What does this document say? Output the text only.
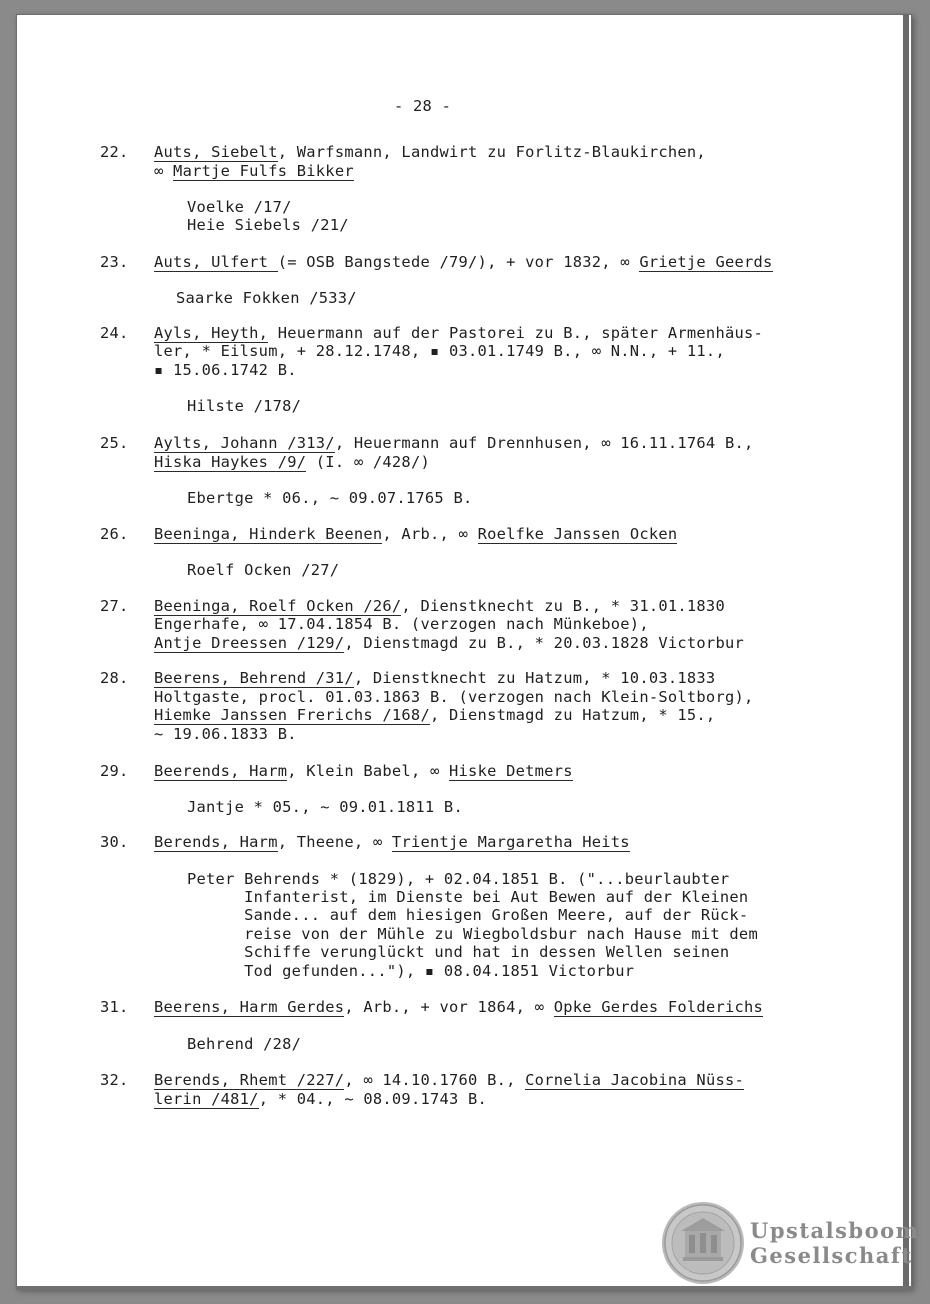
22. Auts, Siebelt, Warfsmann, Landwirt zu Forlitz-Blaukirchen,
∞ Martje Fulfs Bikker
Voelke /17/
Heie Siebels /21/
23. Auts, Ulfert (= OSB Bangstede /79/), + vor 1832, ∞ Grietje Geerds
Saarke Fokken /533/
24. Ayls, Heyth, Heuermann auf der Pastorei zu B., später Armenhäus-
ler, * Eilsum, + 28.12.1748, ▪ 03.01.1749 B., ∞ N.N., + 11.,
▪ 15.06.1742 B.
Hilste /178/
25. Aylts, Johann /313/, Heuermann auf Drennhusen, ∞ 16.11.1764 B.,
Hiska Haykes /9/ (I. ∞ /428/)
Ebertge * 06., ~ 09.07.1765 B.
26. Beeninga, Hinderk Beenen, Arb., ∞ Roelfke Janssen Ocken
Roelf Ocken /27/
27. Beeninga, Roelf Ocken /26/, Dienstknecht zu B., * 31.01.1830
Engerhafe, ∞ 17.04.1854 B. (verzogen nach Münkeboe),
Antje Dreessen /129/, Dienstmagd zu B., * 20.03.1828 Victorbur
28. Beerens, Behrend /31/, Dienstknecht zu Hatzum, * 10.03.1833
Holtgaste, procl. 01.03.1863 B. (verzogen nach Klein-Soltborg),
Hiemke Janssen Frerichs /168/, Dienstmagd zu Hatzum, * 15.,
~ 19.06.1833 B.
29. Beerends, Harm, Klein Babel, ∞ Hiske Detmers
Jantje * 05., ~ 09.01.1811 B.
30. Berends, Harm, Theene, ∞ Trientje Margaretha Heits
Peter Behrends * (1829), + 02.04.1851 B. ("...beurlaubter
Infanterist, im Dienste bei Aut Bewen auf der Kleinen
Sande... auf dem hiesigen Großen Meere, auf der Rück-
reise von der Mühle zu Wiegboldsbur nach Hause mit dem
Schiffe verunglückt und hat in dessen Wellen seinen
Tod gefunden..."), ▪ 08.04.1851 Victorbur
31. Beerens, Harm Gerdes, Arb., + vor 1864, ∞ Opke Gerdes Folderichs
Behrend /28/
32. Berends, Rhemt /227/, ∞ 14.10.1760 B., Cornelia Jacobina Nüss-
lerin /481/, * 04., ~ 08.09.1743 B.
- 28 -
Upstalsboom
Gesellschaft
